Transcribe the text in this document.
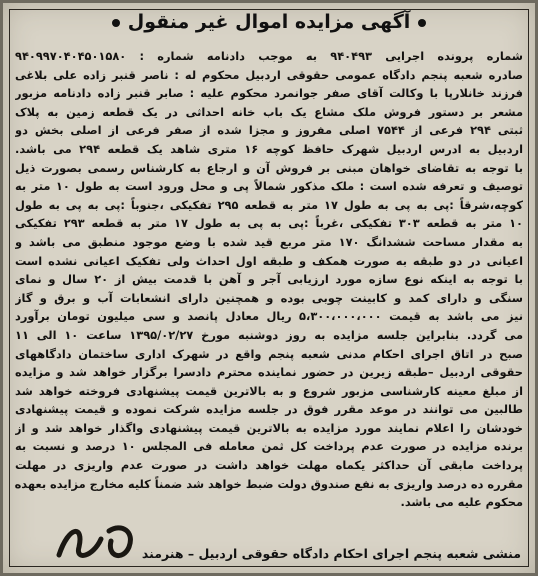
آگهی مزایده اموال غیر منقول
شماره پرونده اجرایی ۹۴۰۴۹۳ به موجب دادنامه شماره : ۹۴۰۹۹۷۰۴۰۴۵۰۱۵۸۰
صادره شعبه پنجم دادگاه عمومی حقوقی اردبیل محکوم له : ناصر قنبر زاده علی بلاغی
فرزند خانلارپا با وکالت آقای صفر جوانمرد محکوم علیه : صابر قنبر زاده دادنامه مزبور
مشعر بر دستور فروش ملک مشاع یک باب خانه احداثی در یک قطعه زمین به پلاک
ثبتی ۲۹۴ فرعی از ۷۵۴۴ اصلی مفروز و مجزا شده از صفر فرعی از اصلی بخش دو
اردبیل به ادرس اردبیل شهرک حافظ کوچه ۱۶ متری شاهد یک قطعه ۲۹۴ می باشد.
با توجه به تقاضای خواهان مبنی بر فروش آن و ارجاع به کارشناس رسمی بصورت ذیل
توصیف و تعرفه شده است : ملک مذکور شمالاً پی و محل ورود است به طول ۱۰ متر به
کوچه،شرقاً :پی به پی به طول ۱۷ متر به قطعه ۲۹۵ تفکیکی ،جنوباً :پی به پی به طول
۱۰ متر به قطعه ۳۰۳ تفکیکی ،غرباً :پی به پی به طول ۱۷ متر به قطعه ۲۹۳ تفکیکی
به مقدار مساحت ششدانگ ۱۷۰ متر مربع قید شده با وضع موجود منطبق می باشد و
اعیانی در دو طبقه به صورت همکف و طبقه اول احداث ولی تفکیک اعیانی نشده است
با توجه به اینکه نوع سازه مورد ارزیابی آجر و آهن با قدمت بیش از ۲۰ سال و نمای
سنگی و دارای کمد و کابینت چوبی بوده و همچنین دارای انشعابات آب و برق و گاز
نیز می باشد به قیمت ۵،۳۰۰،۰۰۰،۰۰۰ ریال معادل پانصد و سی میلیون تومان برآورد
می گردد. بنابراین جلسه مزایده به روز دوشنبه مورخ ۱۳۹۵/۰۲/۲۷ ساعت ۱۰ الی ۱۱
صبح در اتاق اجرای احکام مدنی شعبه پنجم واقع در شهرک اداری ساختمان دادگاههای
حقوقی اردبیل –طبقه زیرین در حضور نماینده محترم دادسرا برگزار خواهد شد و مزایده
از مبلغ معینه کارشناسی مزبور شروع و به بالاترین قیمت پیشنهادی فروخته خواهد شد
طالبین می توانند در موعد مقرر فوق در جلسه مزایده شرکت نموده و قیمت پیشنهادی
خودشان را اعلام نمایند مورد مزایده به بالاترین قیمت پیشنهادی واگذار خواهد شد و از
برنده مزایده در صورت عدم پرداخت کل ثمن معامله فی المجلس ۱۰ درصد و نسبت به
پرداخت مابقی آن حداکثر یکماه مهلت خواهد داشت در صورت عدم واریزی در مهلت
مقرره ده درصد واریزی به نفع صندوق دولت ضبط خواهد شد ضمناً کلیه مخارج مزایده بعهده
محکوم علیه می باشد.
منشی شعبه پنجم اجرای احکام دادگاه حقوقی اردبیل – هنرمند
